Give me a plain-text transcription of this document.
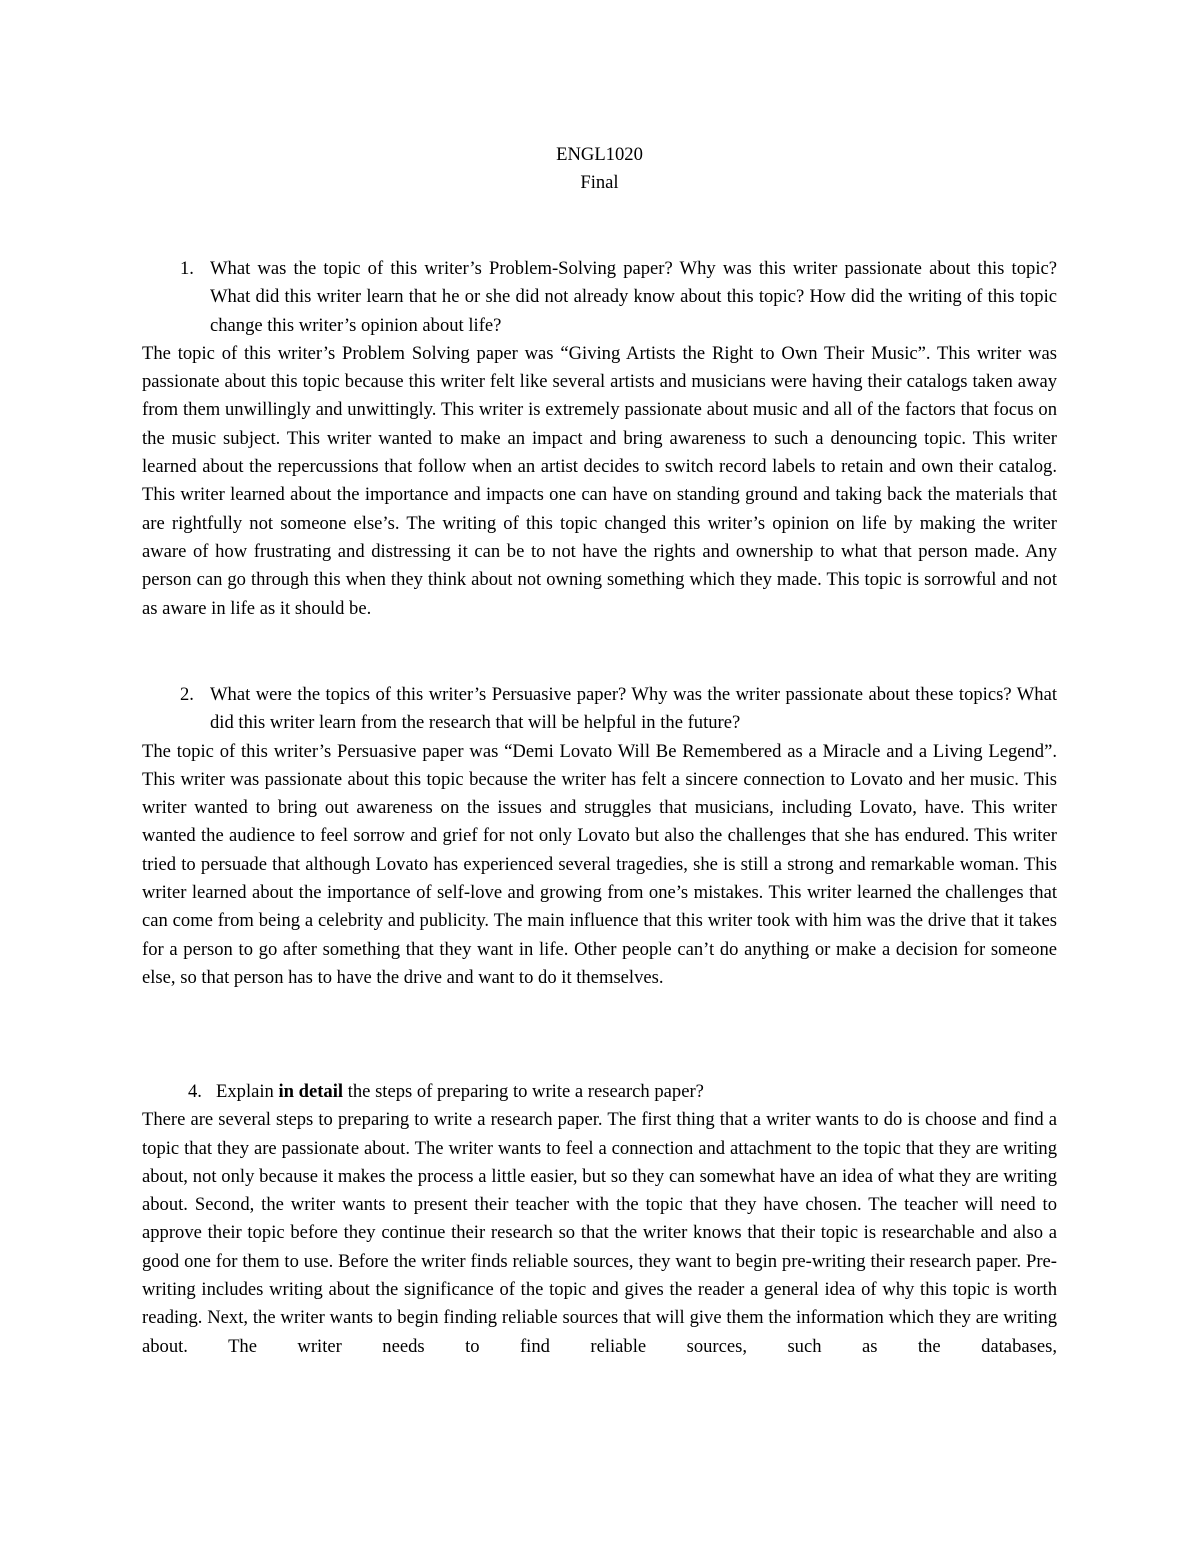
ENGL1020
Final
1. What was the topic of this writer’s Problem-Solving paper? Why was this writer passionate about this topic? What did this writer learn that he or she did not already know about this topic? How did the writing of this topic change this writer’s opinion about life?
The topic of this writer’s Problem Solving paper was “Giving Artists the Right to Own Their Music”. This writer was passionate about this topic because this writer felt like several artists and musicians were having their catalogs taken away from them unwillingly and unwittingly. This writer is extremely passionate about music and all of the factors that focus on the music subject. This writer wanted to make an impact and bring awareness to such a denouncing topic. This writer learned about the repercussions that follow when an artist decides to switch record labels to retain and own their catalog. This writer learned about the importance and impacts one can have on standing ground and taking back the materials that are rightfully not someone else’s. The writing of this topic changed this writer’s opinion on life by making the writer aware of how frustrating and distressing it can be to not have the rights and ownership to what that person made. Any person can go through this when they think about not owning something which they made. This topic is sorrowful and not as aware in life as it should be.
2. What were the topics of this writer’s Persuasive paper? Why was the writer passionate about these topics? What did this writer learn from the research that will be helpful in the future?
The topic of this writer’s Persuasive paper was “Demi Lovato Will Be Remembered as a Miracle and a Living Legend”. This writer was passionate about this topic because the writer has felt a sincere connection to Lovato and her music. This writer wanted to bring out awareness on the issues and struggles that musicians, including Lovato, have. This writer wanted the audience to feel sorrow and grief for not only Lovato but also the challenges that she has endured. This writer tried to persuade that although Lovato has experienced several tragedies, she is still a strong and remarkable woman. This writer learned about the importance of self-love and growing from one’s mistakes. This writer learned the challenges that can come from being a celebrity and publicity. The main influence that this writer took with him was the drive that it takes for a person to go after something that they want in life. Other people can’t do anything or make a decision for someone else, so that person has to have the drive and want to do it themselves.
4. Explain in detail the steps of preparing to write a research paper?
There are several steps to preparing to write a research paper. The first thing that a writer wants to do is choose and find a topic that they are passionate about. The writer wants to feel a connection and attachment to the topic that they are writing about, not only because it makes the process a little easier, but so they can somewhat have an idea of what they are writing about. Second, the writer wants to present their teacher with the topic that they have chosen. The teacher will need to approve their topic before they continue their research so that the writer knows that their topic is researchable and also a good one for them to use. Before the writer finds reliable sources, they want to begin pre-writing their research paper. Pre-writing includes writing about the significance of the topic and gives the reader a general idea of why this topic is worth reading. Next, the writer wants to begin finding reliable sources that will give them the information which they are writing about. The writer needs to find reliable sources, such as the databases,
